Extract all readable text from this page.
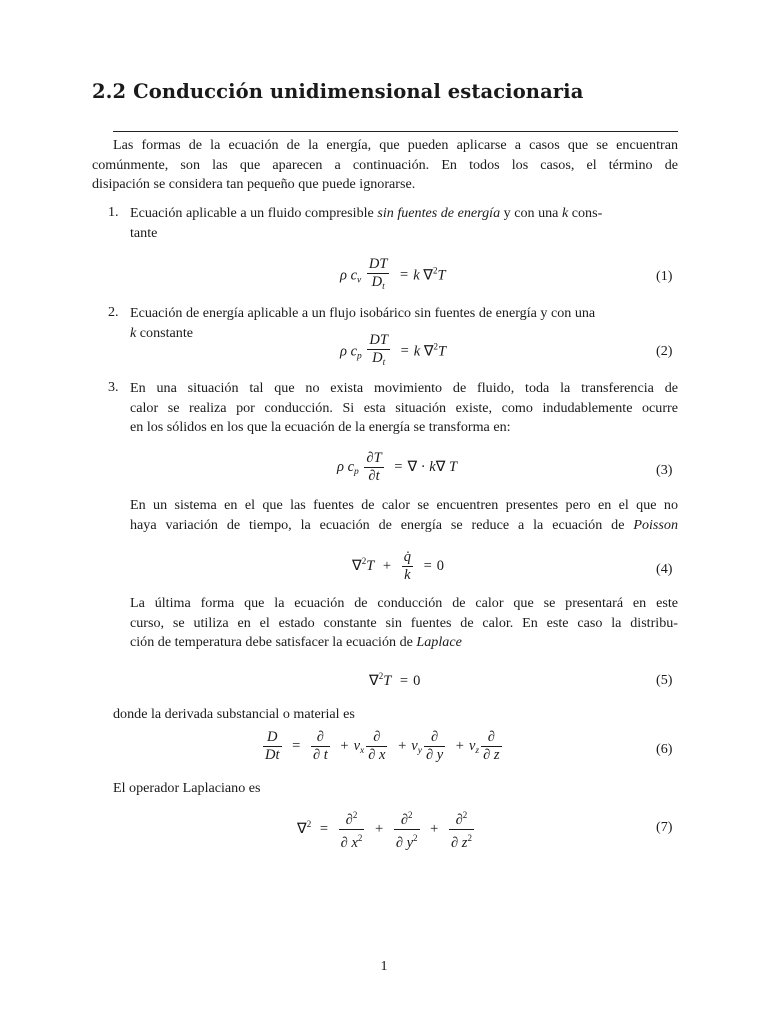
2.2 Conducción unidimensional estacionaria

Las formas de la ecuación de la energía, que pueden aplicarse a casos que se encuentran
comúnmente, son las que aparecen a continuación. En todos los casos, el término de
disipación se considera tan pequeño que puede ignorarse.

1. Ecuación aplicable a un fluido compresible sin fuentes de energía y con una k cons-
tante

ρ $c_v \frac{DT}{D_t} = k$ ∇$^2$T	(1)
2. Ecuación de energía aplicable a un flujo isobárico sin fuentes de energía y con una
k constante

ρ $c_p \frac{DT}{D_t} = k$ ∇$^2$T	(2)
3. En una situación tal que no exista movimiento de fluido, toda la transferencia de
calor se realiza por conducción. Si esta situación existe, como indudablemente ocurre
en los sólidos en los que la ecuación de la energía se transforma en:

ρ $c_p \frac{\partial T}{\partial t}$ = ∇ · k∇ T	(3)

En un sistema en el que las fuentes de calor se encuentren presentes pero en el que no
haya variación de tiempo, la ecuación de energía se reduce a la ecuación de Poisson

$\nabla^2T + \frac{q̇}{k} = 0$	(4)

La última forma que la ecuación de conducción de calor que se presentará en este
curso, se utiliza en el estado constante sin fuentes de calor. En este caso la distribu-
ción de temperatura debe satisfacer la ecuación de Laplace

∇$^2$T = 0	(5)

donde la derivada substancial o material es

$\frac{D}{Dt} = \frac{\partial}{\partial t} + v_x \frac{\partial}{\partial x} + v_y \frac{\partial}{\partial y} + v_z \frac{\partial}{\partial z}$	(6)

El operador Laplaciano es

$\nabla^2 = \frac{\partial^2}{\partial x^2} + \frac{\partial^2}{\partial y^2} + \frac{\partial^2}{\partial z^2}$	(7)
1
